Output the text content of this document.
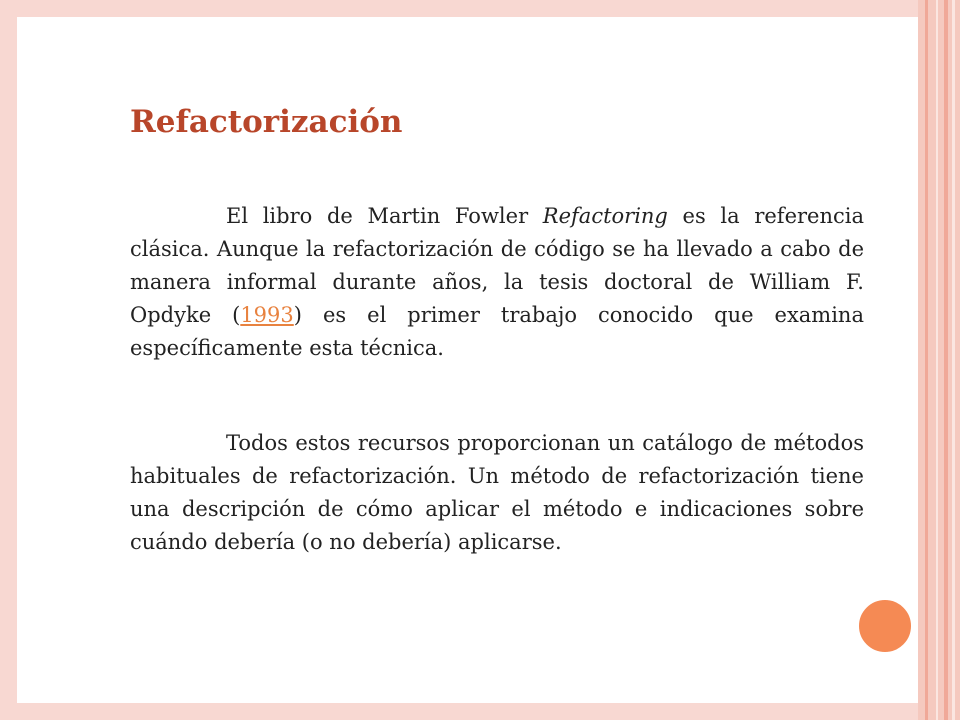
Refactorización

El libro de Martin Fowler Refactoring es la referencia clásica. Aunque la refactorización de código se ha llevado a cabo de manera informal durante años, la tesis doctoral de William F. Opdyke (1993) es el primer trabajo conocido que examina específicamente esta técnica.

Todos estos recursos proporcionan un catálogo de métodos habituales de refactorización. Un método de refactorización tiene una descripción de cómo aplicar el método e indicaciones sobre cuándo debería (o no debería) aplicarse.
